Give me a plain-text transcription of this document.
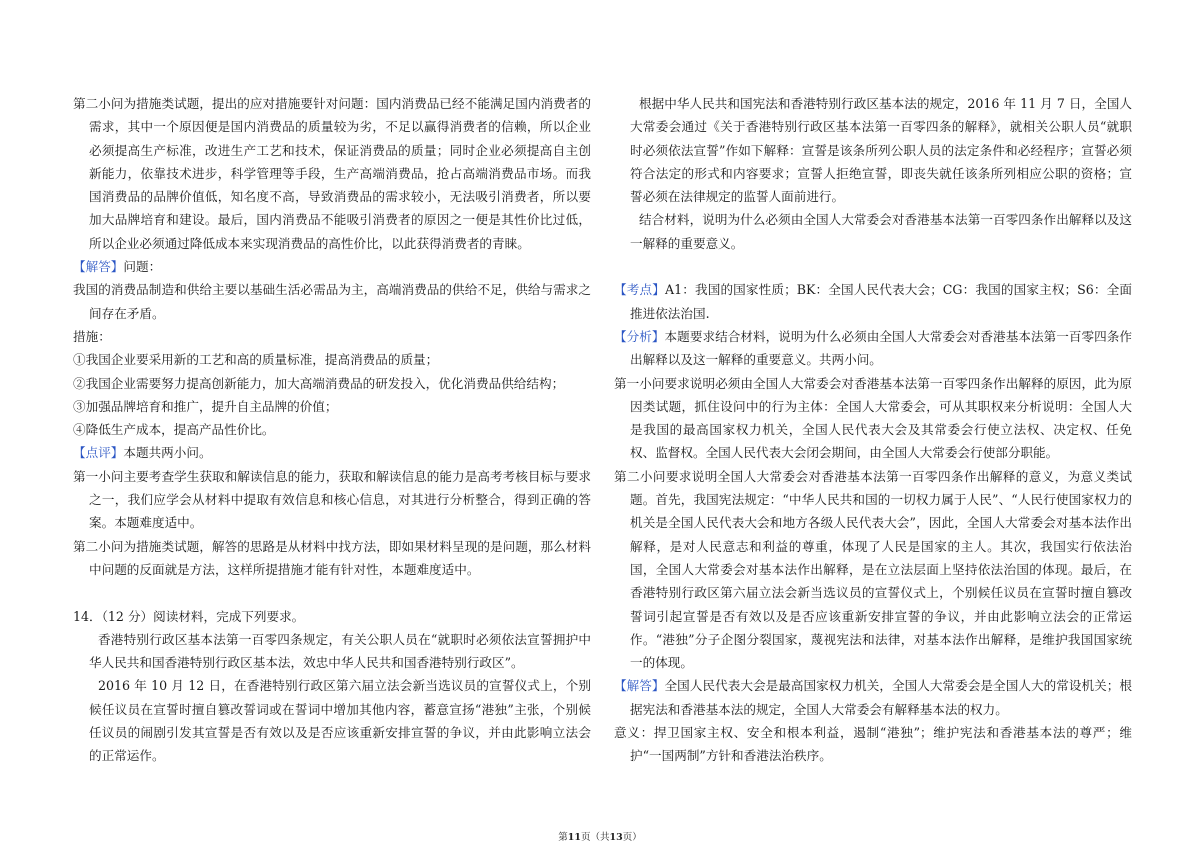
第二小问为措施类试题，提出的应对措施要针对问题：国内消费品已经不能满足国内消费者的需求，其中一个原因便是国内消费品的质量较为劣，不足以赢得消费者的信赖，所以企业必须提高生产标准，改进生产工艺和技术，保证消费品的质量；同时企业必须提高自主创新能力，依靠技术进步，科学管理等手段，生产高端消费品，抢占高端消费品市场。而我国消费品的品牌价值低，知名度不高，导致消费品的需求较小，无法吸引消费者，所以要加大品牌培育和建设。最后，国内消费品不能吸引消费者的原因之一便是其性价比过低，所以企业必须通过降低成本来实现消费品的高性价比，以此获得消费者的青睐。

【解答】问题：

我国的消费品制造和供给主要以基础生活必需品为主，高端消费品的供给不足，供给与需求之间存在矛盾。

措施：

①我国企业要采用新的工艺和高的质量标准，提高消费品的质量；

②我国企业需要努力提高创新能力，加大高端消费品的研发投入，优化消费品供给结构；

③加强品牌培育和推广，提升自主品牌的价值；

④降低生产成本，提高产品性价比。

【点评】本题共两小问。

第一小问主要考查学生获取和解读信息的能力，获取和解读信息的能力是高考考核目标与要求之一，我们应学会从材料中提取有效信息和核心信息，对其进行分析整合，得到正确的答案。本题难度适中。

第二小问为措施类试题，解答的思路是从材料中找方法，即如果材料呈现的是问题，那么材料中问题的反面就是方法，这样所提措施才能有针对性，本题难度适中。

14．（12 分）阅读材料，完成下列要求。

香港特别行政区基本法第一百零四条规定，有关公职人员在“就职时必须依法宣誓拥护中华人民共和国香港特别行政区基本法，效忠中华人民共和国香港特别行政区”。

2016 年 10 月 12 日，在香港特别行政区第六届立法会新当选议员的宣誓仪式上，个别候任议员在宣誓时擅自篡改誓词或在誓词中增加其他内容，蓄意宣扬“港独”主张，个别候任议员的闹剧引发其宣誓是否有效以及是否应该重新安排宣誓的争议，并由此影响立法会的正常运作。

根据中华人民共和国宪法和香港特别行政区基本法的规定，2016 年 11 月 7 日，全国人大常委会通过《关于香港特别行政区基本法第一百零四条的解释》，就相关公职人员“就职时必须依法宣誓”作如下解释：宣誓是该条所列公职人员的法定条件和必经程序；宣誓必须符合法定的形式和内容要求；宣誓人拒绝宣誓，即丧失就任该条所列相应公职的资格；宣誓必须在法律规定的监誓人面前进行。

结合材料，说明为什么必须由全国人大常委会对香港基本法第一百零四条作出解释以及这一解释的重要意义。

【考点】A1：我国的国家性质；BK：全国人民代表大会；CG：我国的国家主权；S6：全面推进依法治国.

【分析】本题要求结合材料，说明为什么必须由全国人大常委会对香港基本法第一百零四条作出解释以及这一解释的重要意义。共两小问。

第一小问要求说明必须由全国人大常委会对香港基本法第一百零四条作出解释的原因，此为原因类试题，抓住设问中的行为主体：全国人大常委会，可从其职权来分析说明：全国人大是我国的最高国家权力机关，全国人民代表大会及其常委会行使立法权、决定权、任免权、监督权。全国人民代表大会闭会期间，由全国人大常委会行使部分职能。

第二小问要求说明全国人大常委会对香港基本法第一百零四条作出解释的意义，为意义类试题。首先，我国宪法规定：“中华人民共和国的一切权力属于人民”、“人民行使国家权力的机关是全国人民代表大会和地方各级人民代表大会”，因此，全国人大常委会对基本法作出解释，是对人民意志和利益的尊重，体现了人民是国家的主人。其次，我国实行依法治国，全国人大常委会对基本法作出解释，是在立法层面上坚持依法治国的体现。最后，在香港特别行政区第六届立法会新当选议员的宣誓仪式上，个别候任议员在宣誓时擅自篡改誓词引起宣誓是否有效以及是否应该重新安排宣誓的争议，并由此影响立法会的正常运作。“港独”分子企图分裂国家，蔑视宪法和法律，对基本法作出解释，是维护我国国家统一的体现。

【解答】全国人民代表大会是最高国家权力机关，全国人大常委会是全国人大的常设机关；根据宪法和香港基本法的规定，全国人大常委会有解释基本法的权力。

意义：捍卫国家主权、安全和根本利益，遏制“港独”；维护宪法和香港基本法的尊严；维护“一国两制”方针和香港法治秩序。

第11页（共13页）
